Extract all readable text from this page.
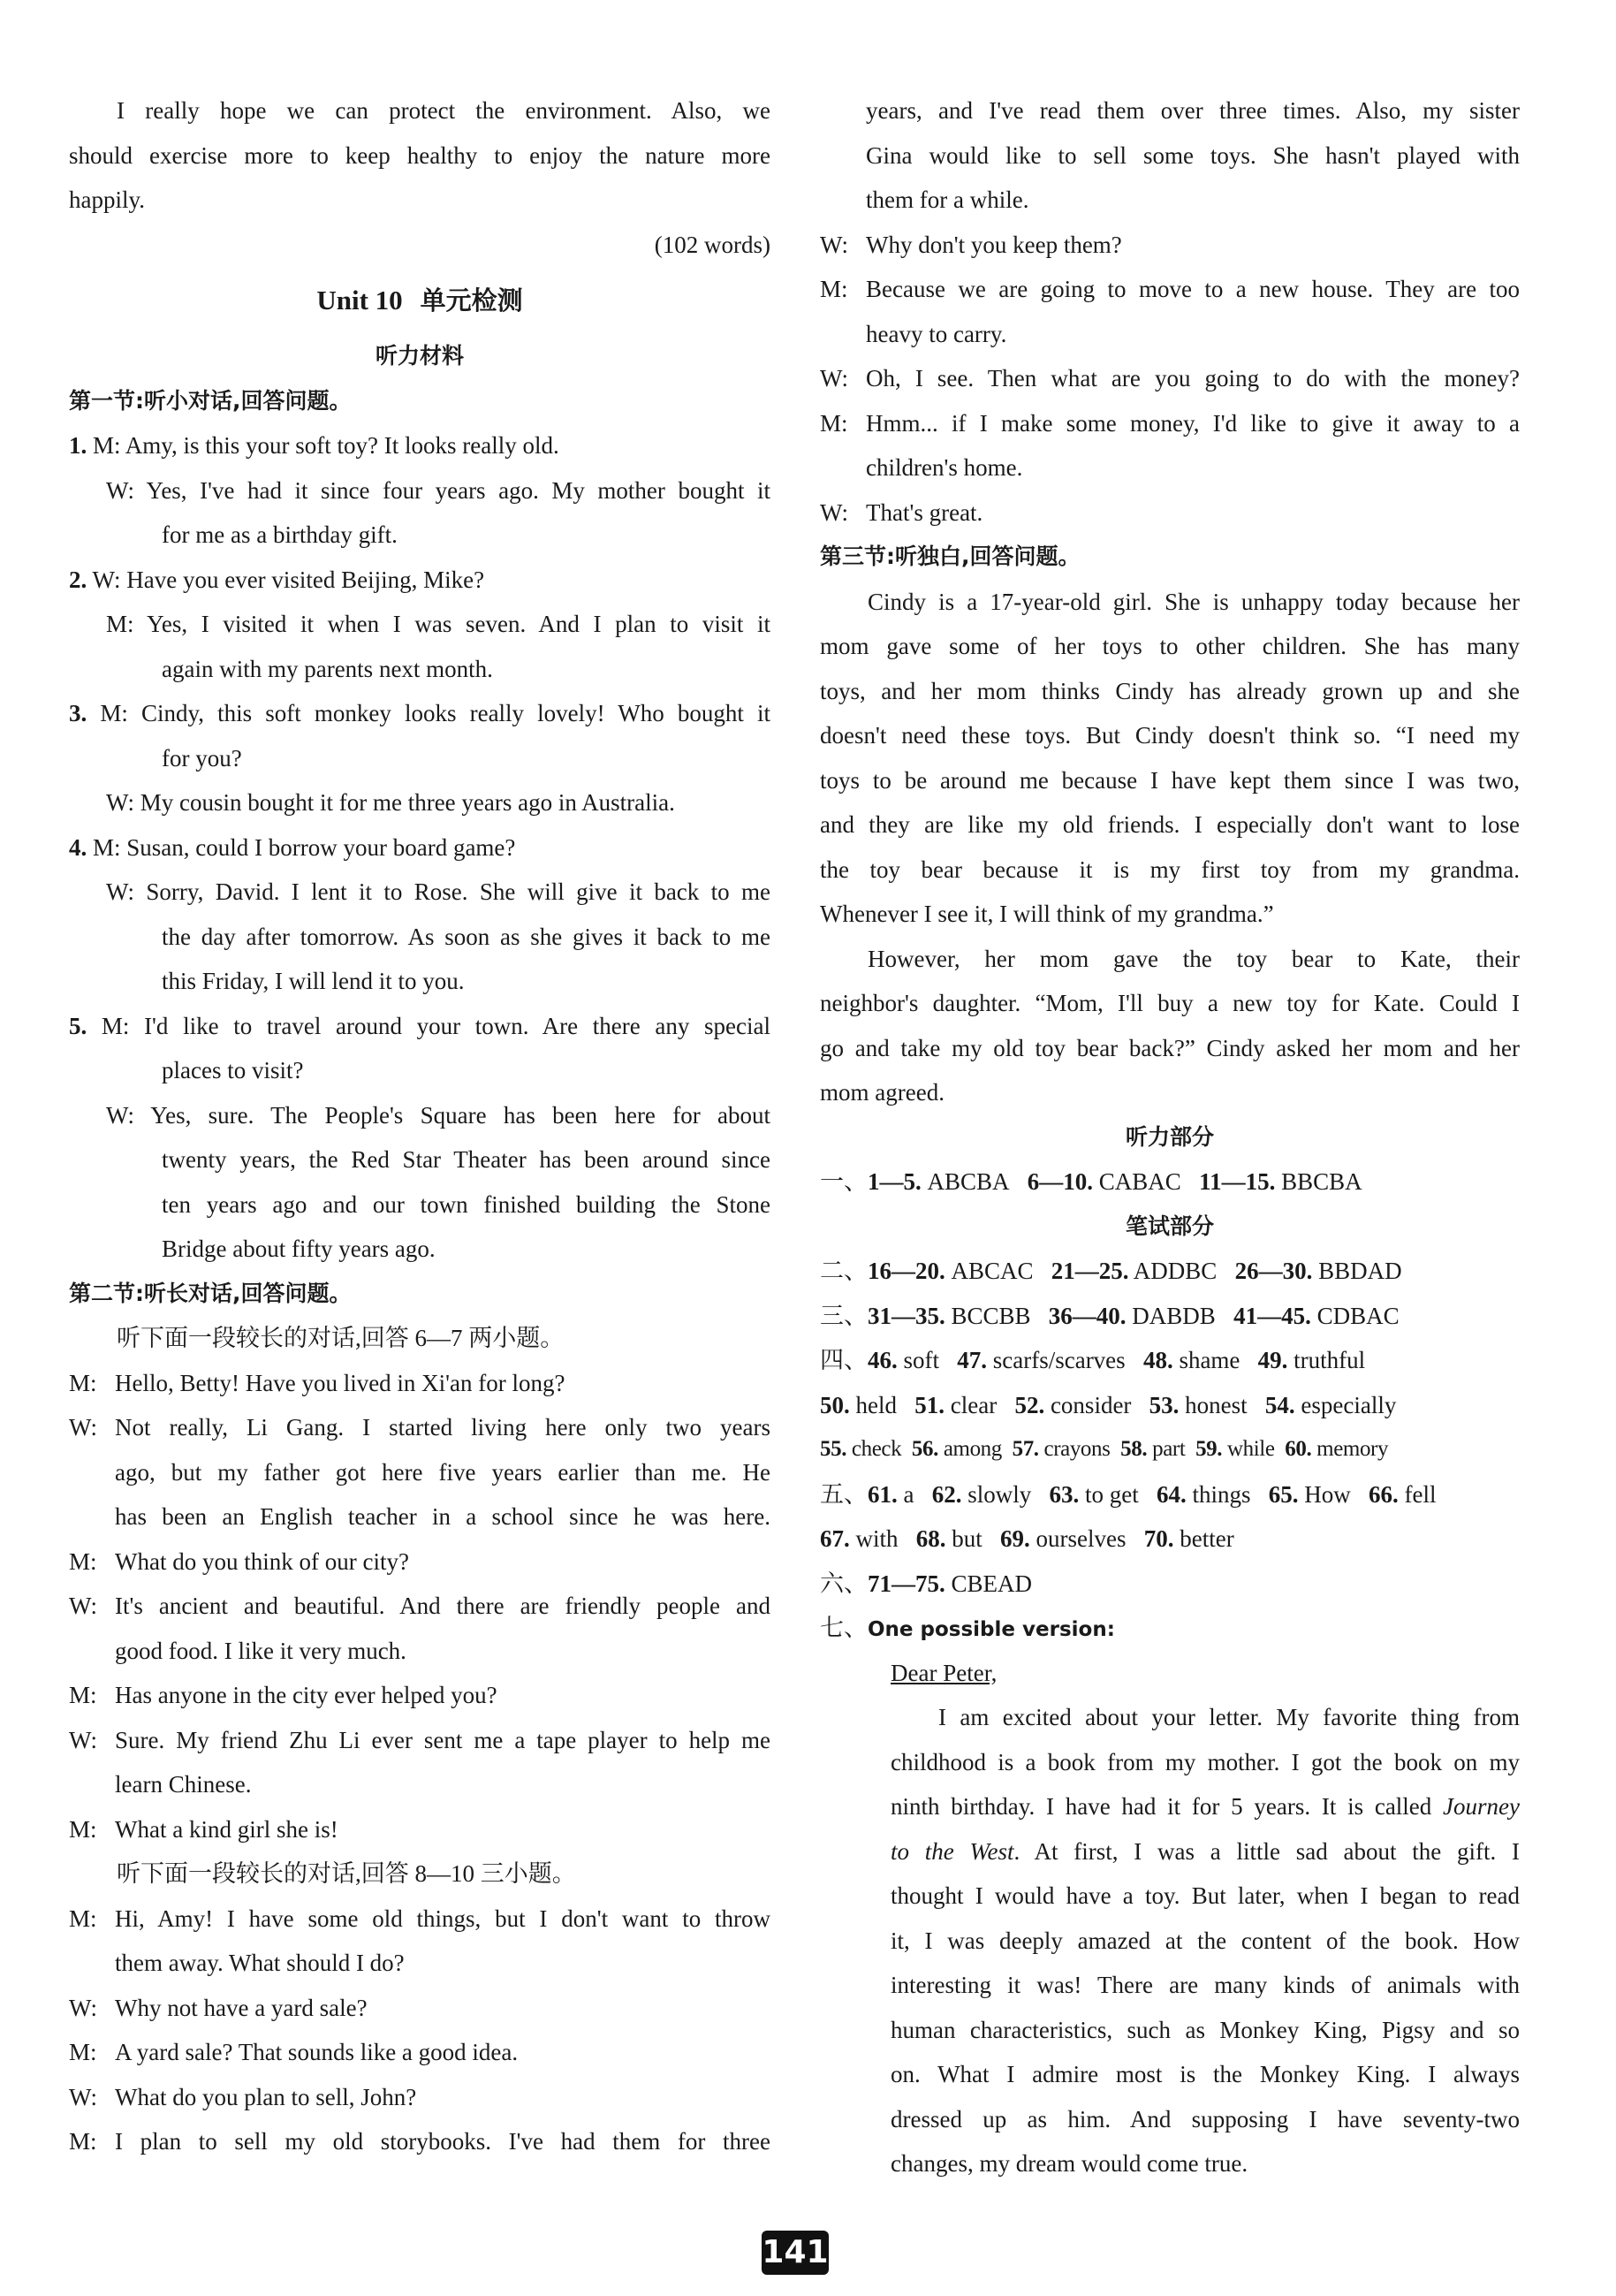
I really hope we can protect the environment. Also, we
should exercise more to keep healthy to enjoy the nature more
happily.
(102 words)
Unit 10 单元检测
听力材料
第一节:听小对话,回答问题。
1. M: Amy, is this your soft toy? It looks really old.
W: Yes, I've had it since four years ago. My mother bought it
for me as a birthday gift.
2. W: Have you ever visited Beijing, Mike?
M: Yes, I visited it when I was seven. And I plan to visit it
again with my parents next month.
3. M: Cindy, this soft monkey looks really lovely! Who bought it
for you?
W: My cousin bought it for me three years ago in Australia.
4. M: Susan, could I borrow your board game?
W: Sorry, David. I lent it to Rose. She will give it back to me
the day after tomorrow. As soon as she gives it back to me
this Friday, I will lend it to you.
5. M: I'd like to travel around your town. Are there any special
places to visit?
W: Yes, sure. The People's Square has been here for about
twenty years, the Red Star Theater has been around since
ten years ago and our town finished building the Stone
Bridge about fifty years ago.
第二节:听长对话,回答问题。
听下面一段较长的对话,回答 6—7 两小题。
M: Hello, Betty! Have you lived in Xi'an for long?
W: Not really, Li Gang. I started living here only two years
ago, but my father got here five years earlier than me. He
has been an English teacher in a school since he was here.
M: What do you think of our city?
W: It's ancient and beautiful. And there are friendly people and
good food. I like it very much.
M: Has anyone in the city ever helped you?
W: Sure. My friend Zhu Li ever sent me a tape player to help me
learn Chinese.
M: What a kind girl she is!
听下面一段较长的对话,回答 8—10 三小题。
M: Hi, Amy! I have some old things, but I don't want to throw
them away. What should I do?
W: Why not have a yard sale?
M: A yard sale? That sounds like a good idea.
W: What do you plan to sell, John?
M: I plan to sell my old storybooks. I've had them for three
years, and I've read them over three times. Also, my sister
Gina would like to sell some toys. She hasn't played with
them for a while.
W: Why don't you keep them?
M: Because we are going to move to a new house. They are too
heavy to carry.
W: Oh, I see. Then what are you going to do with the money?
M: Hmm... if I make some money, I'd like to give it away to a
children's home.
W: That's great.
第三节:听独白,回答问题。
Cindy is a 17-year-old girl. She is unhappy today because her
mom gave some of her toys to other children. She has many
toys, and her mom thinks Cindy has already grown up and she
doesn't need these toys. But Cindy doesn't think so. “I need my
toys to be around me because I have kept them since I was two,
and they are like my old friends. I especially don't want to lose
the toy bear because it is my first toy from my grandma.
Whenever I see it, I will think of my grandma.”
However, her mom gave the toy bear to Kate, their
neighbor's daughter. “Mom, I'll buy a new toy for Kate. Could I
go and take my old toy bear back?” Cindy asked her mom and her
mom agreed.
听力部分
一、1—5. ABCBA 6—10. CABAC 11—15. BBCBA
笔试部分
二、16—20. ABCAC 21—25. ADDBC 26—30. BBDAD
三、31—35. BCCBB 36—40. DABDB 41—45. CDBAC
四、46. soft 47. scarfs/scarves 48. shame 49. truthful
50. held 51. clear 52. consider 53. honest 54. especially
55. check 56. among 57. crayons 58. part 59. while 60. memory
五、61. a 62. slowly 63. to get 64. things 65. How 66. fell
67. with 68. but 69. ourselves 70. better
六、71—75. CBEAD
七、One possible version:
Dear Peter,
I am excited about your letter. My favorite thing from
childhood is a book from my mother. I got the book on my
ninth birthday. I have had it for 5 years. It is called Journey
to the West. At first, I was a little sad about the gift. I
thought I would have a toy. But later, when I began to read
it, I was deeply amazed at the content of the book. How
interesting it was! There are many kinds of animals with
human characteristics, such as Monkey King, Pigsy and so
on. What I admire most is the Monkey King. I always
dressed up as him. And supposing I have seventy-two
changes, my dream would come true.
141
